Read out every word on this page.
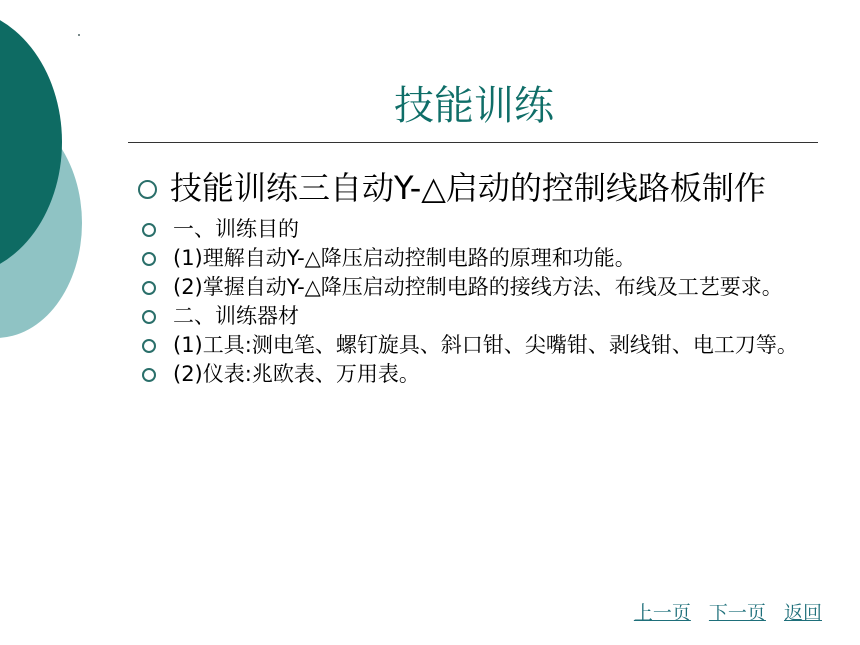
技能训练
技能训练三自动Y-△启动的控制线路板制作
一、训练目的
(1)理解自动Y-△降压启动控制电路的原理和功能。
(2)掌握自动Y-△降压启动控制电路的接线方法、布线及工艺要求。
二、训练器材
(1)工具:测电笔、螺钉旋具、斜口钳、尖嘴钳、剥线钳、电工刀等。
(2)仪表:兆欧表、万用表。
上一页 下一页 返回
